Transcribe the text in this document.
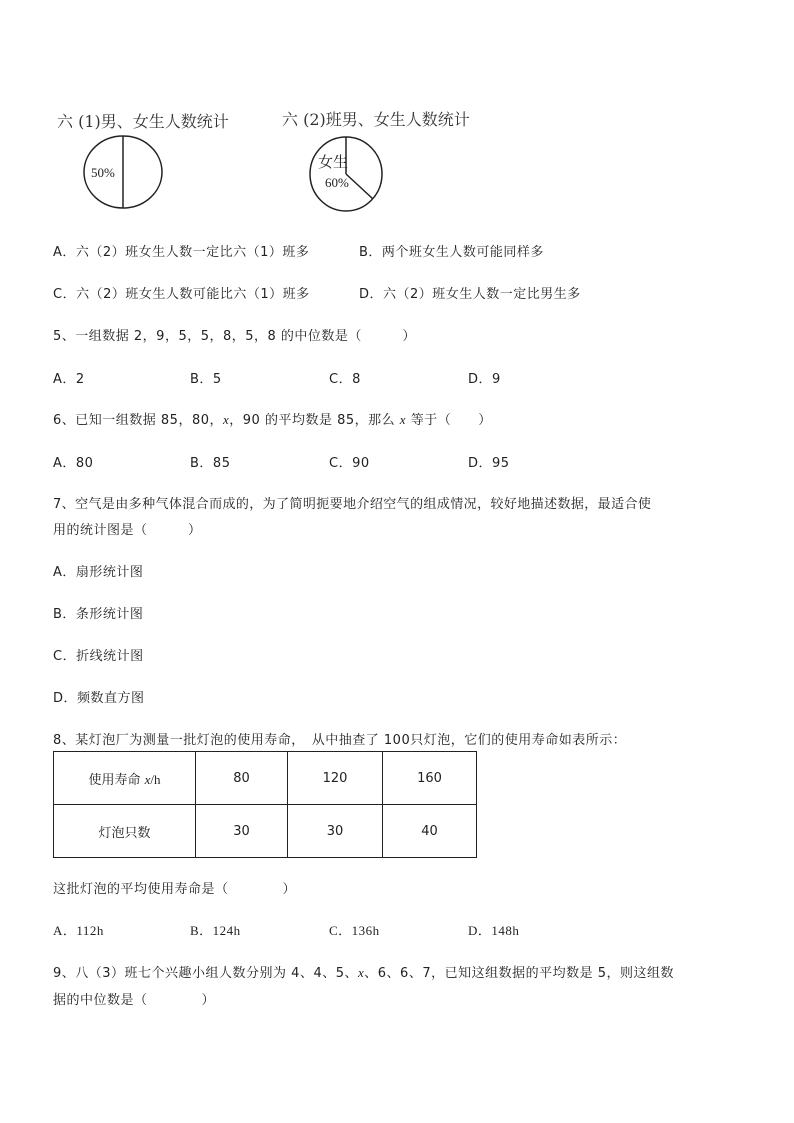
六 (1)男、女生人数统计
50%
六 (2)班男、女生人数统计
女生
60%
A．六（2）班女生人数一定比六（1）班多	B．两个班女生人数可能同样多
C．六（2）班女生人数可能比六（1）班多	D．六（2）班女生人数一定比男生多
5、一组数据 2，9，5，5，8，5，8 的中位数是（　　　）
A．2	B．5	C．8	D．9
6、已知一组数据 85，80，x，90 的平均数是 85，那么 x 等于（　　）
A．80	B．85	C．90	D．95
7、空气是由多种气体混合而成的，为了简明扼要地介绍空气的组成情况，较好地描述数据，最适合使
用的统计图是（　　　）
A．扇形统计图
B．条形统计图
C．折线统计图
D．频数直方图
8、某灯泡厂为测量一批灯泡的使用寿命，　从中抽查了 100只灯泡，它们的使用寿命如表所示：
使用寿命 x/h	80	120	160
灯泡只数	30	30	40
这批灯泡的平均使用寿命是（　　　　）
A．112h	B．124h	C．136h	D．148h
9、八（3）班七个兴趣小组人数分别为 4、4、5、x、6、6、7，已知这组数据的平均数是 5，则这组数
据的中位数是（　　　　）
